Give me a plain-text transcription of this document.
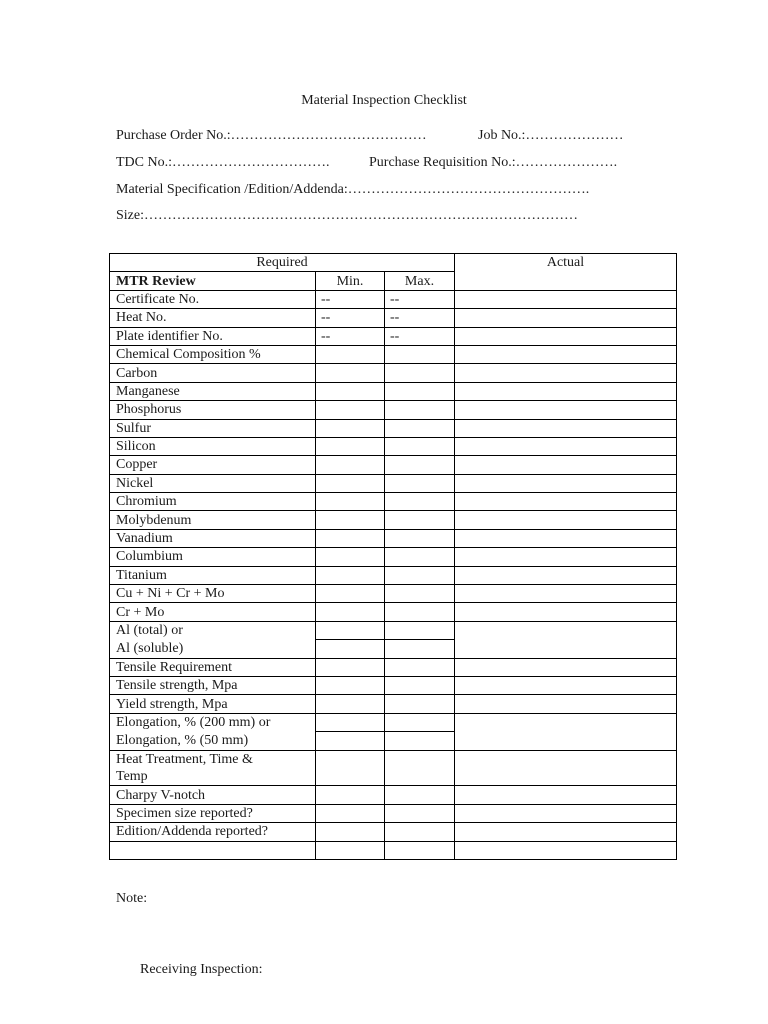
Material Inspection Checklist
Purchase Order No.:……………………………………	Job No.:…………………
TDC No.:…………………………….	Purchase Requisition No.:………………….
Material Specification /Edition/Addenda:…………………………………………….
Size:…………………………………………………………………………………
Required			Actual
MTR Review	Min.	Max.	
Certificate No.	--	--	
Heat No.	--	--	
Plate identifier No.	--	--	
Chemical Composition %			
Carbon			
Manganese			
Phosphorus			
Sulfur			
Silicon			
Copper			
Nickel			
Chromium			
Molybdenum			
Vanadium			
Columbium			
Titanium			
Cu + Ni + Cr + Mo			
Cr + Mo			
Al (total) or			
Al (soluble)			
Tensile Requirement			
Tensile strength, Mpa			
Yield strength, Mpa			
Elongation, % (200 mm) or			
Elongation, % (50 mm)			
Heat Treatment, Time &			
Temp			
Charpy V-notch			
Specimen size reported?			
Edition/Addenda reported?			

Note:
Receiving Inspection:
